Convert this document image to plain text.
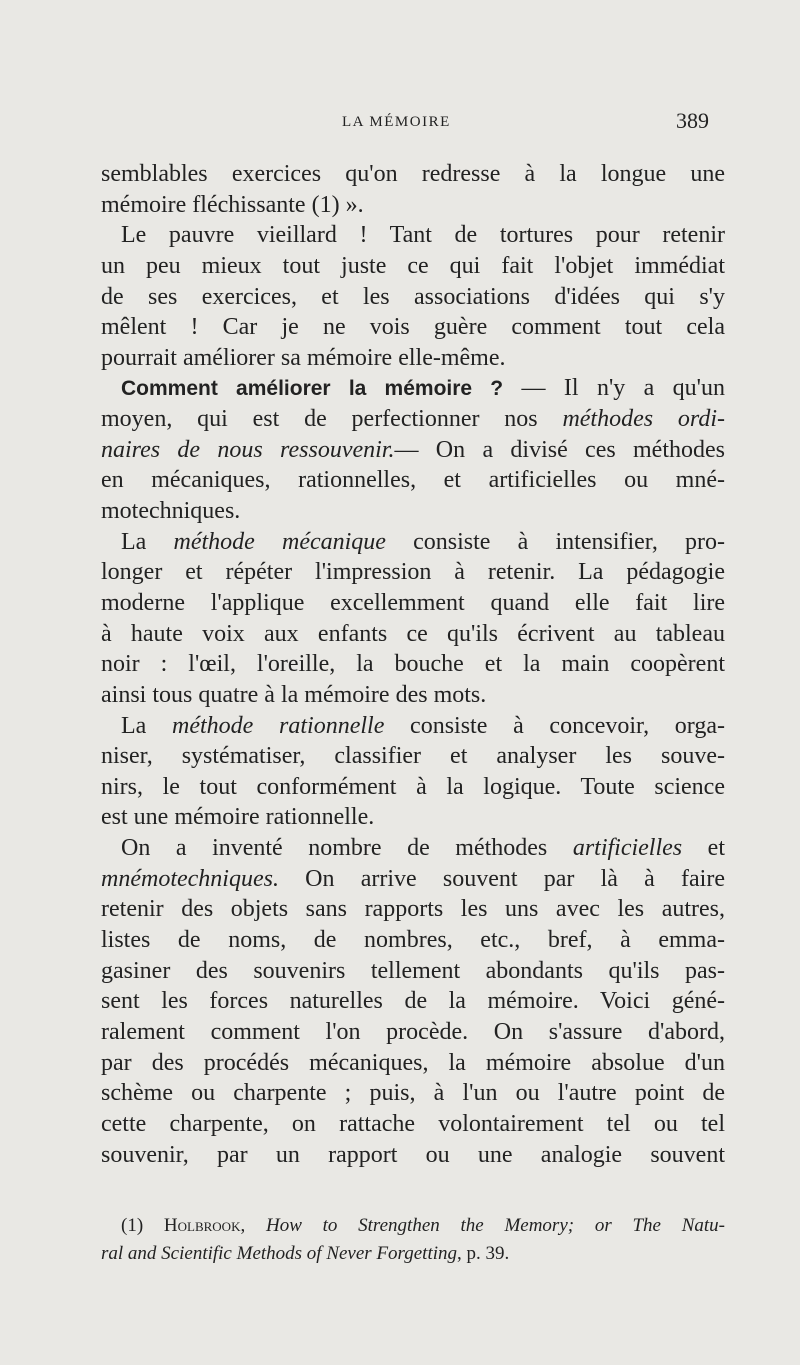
LA MÉMOIRE	389
semblables exercices qu'on redresse à la longue une
mémoire fléchissante (1) ».
Le pauvre vieillard ! Tant de tortures pour retenir
un peu mieux tout juste ce qui fait l'objet immédiat
de ses exercices, et les associations d'idées qui s'y
mêlent ! Car je ne vois guère comment tout cela
pourrait améliorer sa mémoire elle-même.
Comment améliorer la mémoire ? — Il n'y a qu'un
moyen, qui est de perfectionner nos méthodes ordi-
naires de nous ressouvenir.— On a divisé ces méthodes
en mécaniques, rationnelles, et artificielles ou mné-
motechniques.
La méthode mécanique consiste à intensifier, pro-
longer et répéter l'impression à retenir. La pédagogie
moderne l'applique excellemment quand elle fait lire
à haute voix aux enfants ce qu'ils écrivent au tableau
noir : l'œil, l'oreille, la bouche et la main coopèrent
ainsi tous quatre à la mémoire des mots.
La méthode rationnelle consiste à concevoir, orga-
niser, systématiser, classifier et analyser les souve-
nirs, le tout conformément à la logique. Toute science
est une mémoire rationnelle.
On a inventé nombre de méthodes artificielles et
mnémotechniques. On arrive souvent par là à faire
retenir des objets sans rapports les uns avec les autres,
listes de noms, de nombres, etc., bref, à emma-
gasiner des souvenirs tellement abondants qu'ils pas-
sent les forces naturelles de la mémoire. Voici géné-
ralement comment l'on procède. On s'assure d'abord,
par des procédés mécaniques, la mémoire absolue d'un
schème ou charpente ; puis, à l'un ou l'autre point de
cette charpente, on rattache volontairement tel ou tel
souvenir, par un rapport ou une analogie souvent
(1) Holbrook, How to Strengthen the Memory; or The Natu-
ral and Scientific Methods of Never Forgetting, p. 39.
